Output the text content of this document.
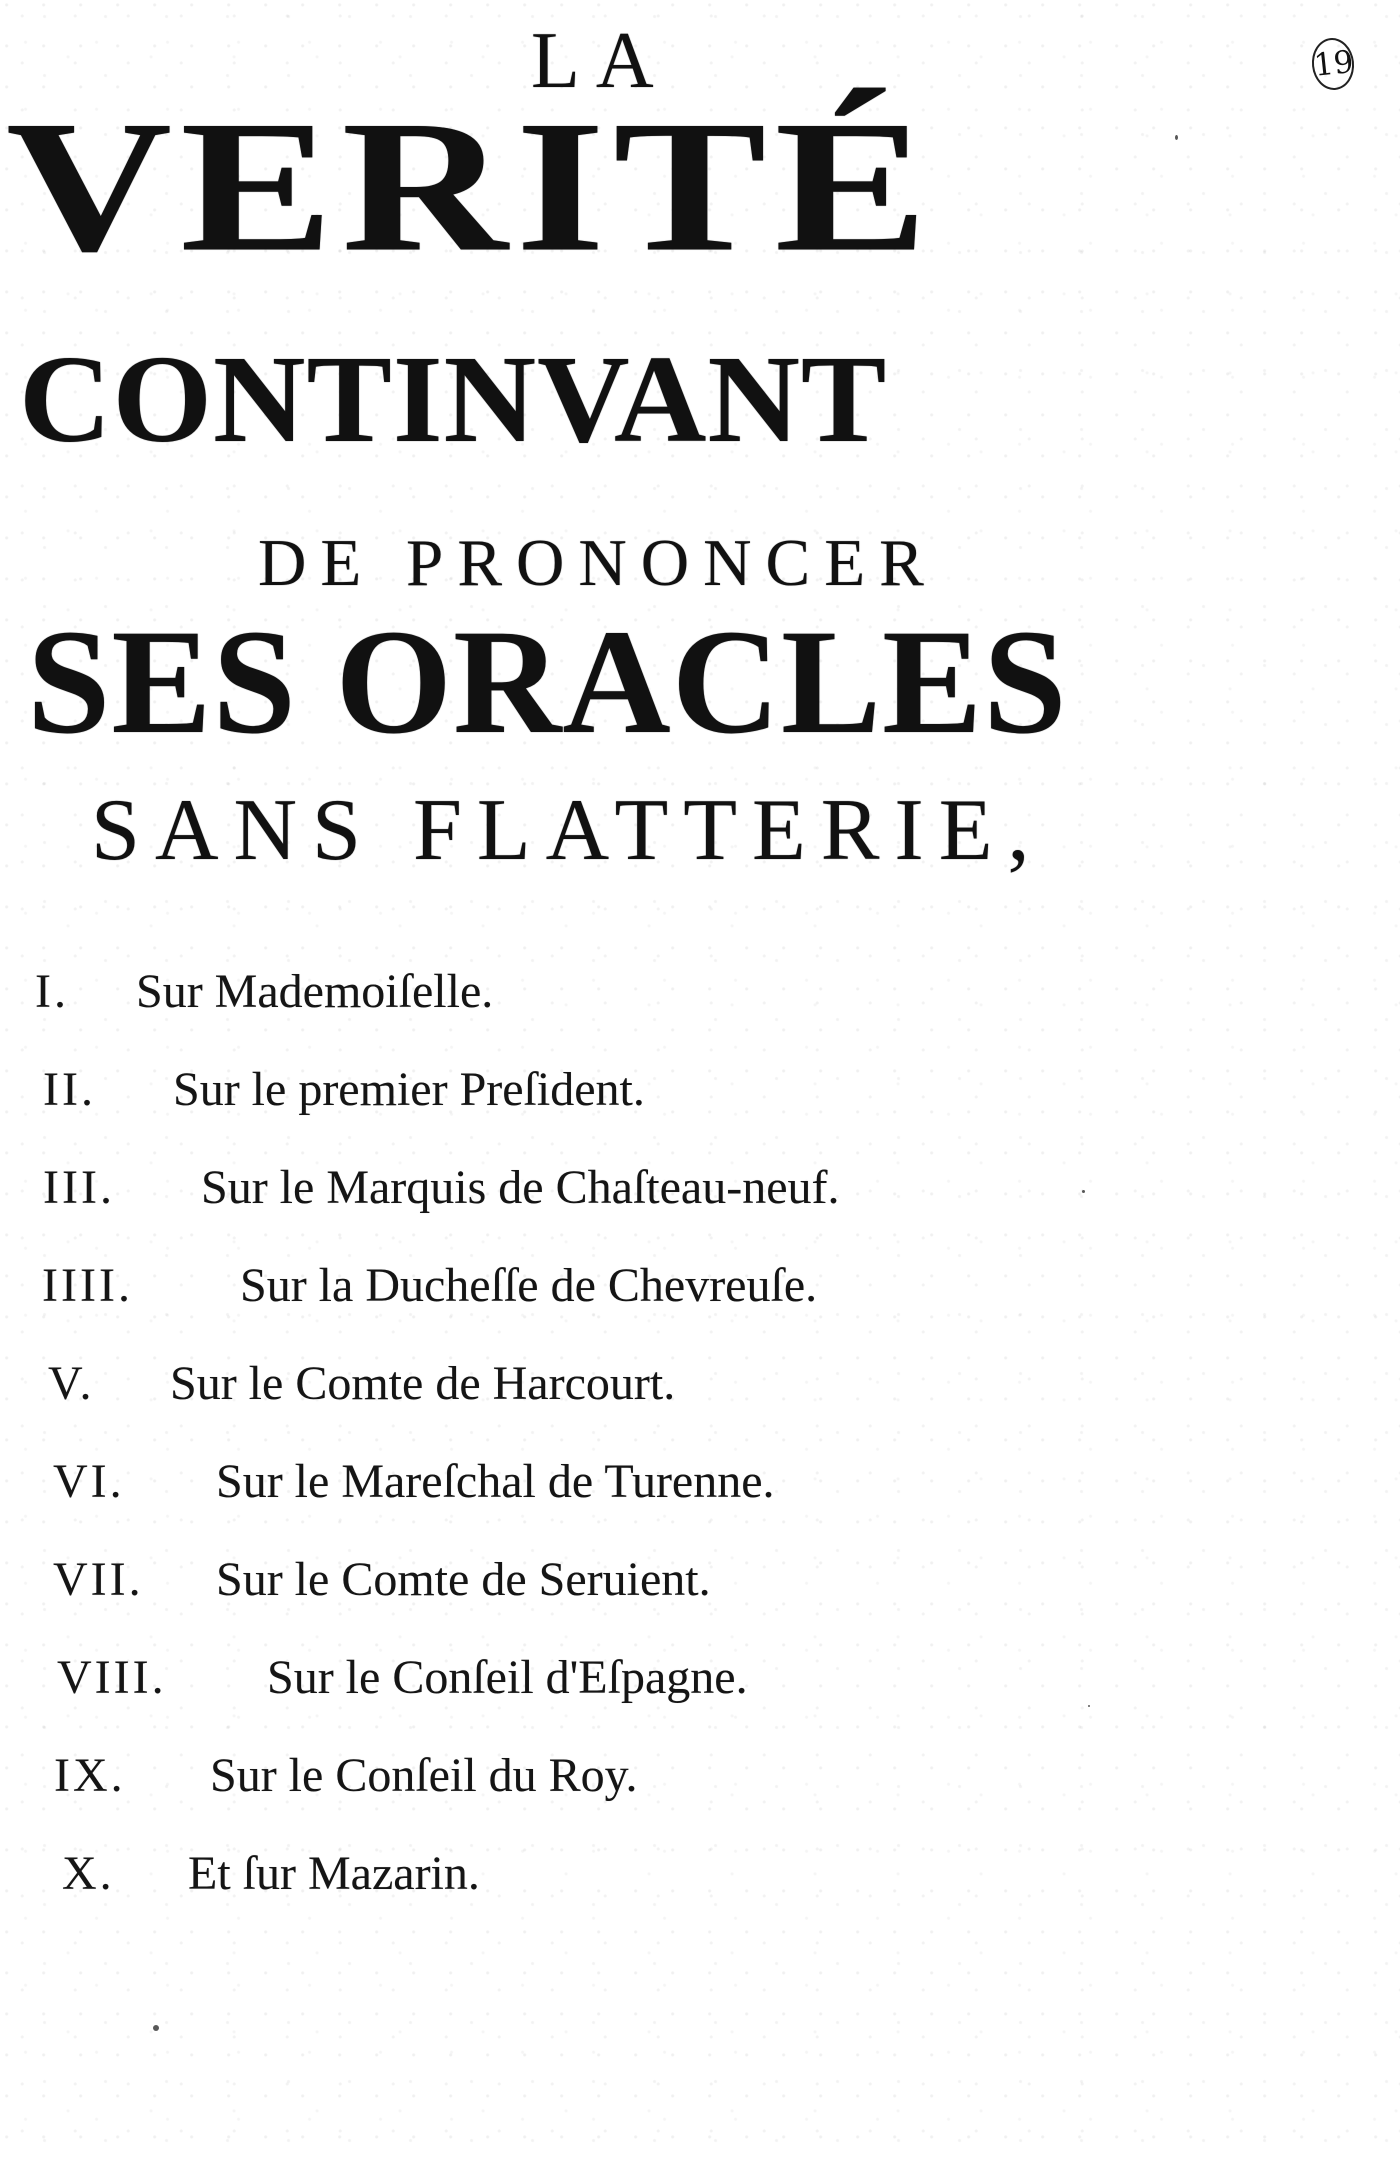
19
LA
VERITÉ
CONTINVANT
DE PRONONCER
SES ORACLES
SANS FLATTERIE,
I. Sur Mademoiſelle.
II. Sur le premier Preſident.
III. Sur le Marquis de Chaſteau-neuf.
IIII. Sur la Ducheſſe de Chevreuſe.
V. Sur le Comte de Harcourt.
VI. Sur le Mareſchal de Turenne.
VII. Sur le Comte de Seruient.
VIII. Sur le Conſeil d'Eſpagne.
IX. Sur le Conſeil du Roy.
X. Et ſur Mazarin.
